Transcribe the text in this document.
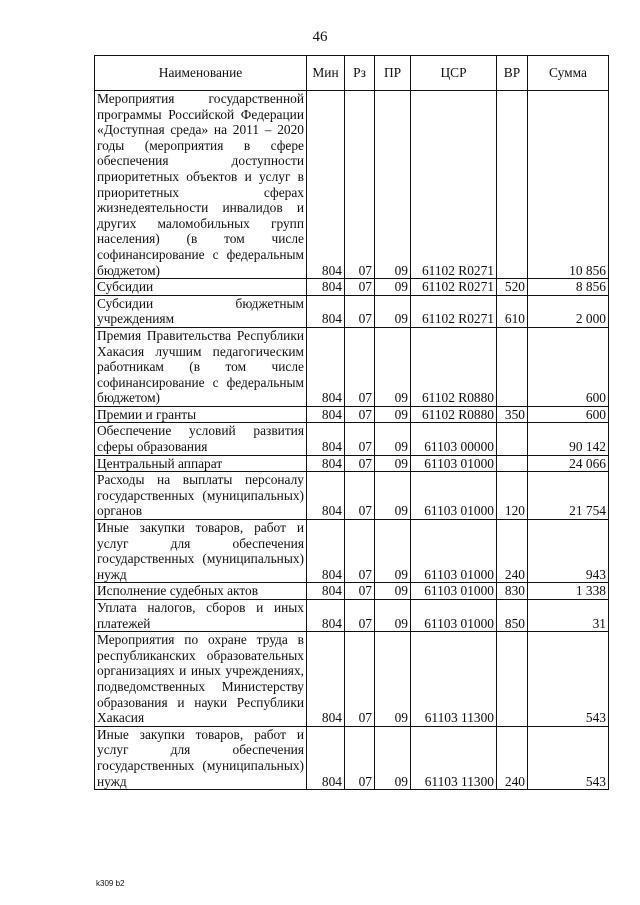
46
Наименование	Мин	Рз	ПР	ЦСР	ВР	Сумма
Мероприятия государственной программы Российской Федерации «Доступная среда» на 2011 – 2020 годы (мероприятия в сфере обеспечения доступности приоритетных объектов и услуг в приоритетных сферах жизнедеятельности инвалидов и других маломобильных групп населения) (в том числе софинансирование с федеральным бюджетом)	804	07	09	61102 R0271		10 856
Субсидии	804	07	09	61102 R0271	520	8 856
Субсидии бюджетным учреждениям	804	07	09	61102 R0271	610	2 000
Премия Правительства Республики Хакасия лучшим педагогическим работникам (в том числе софинансирование с федеральным бюджетом)	804	07	09	61102 R0880		600
Премии и гранты	804	07	09	61102 R0880	350	600
Обеспечение условий развития сферы образования	804	07	09	61103 00000		90 142
Центральный аппарат	804	07	09	61103 01000		24 066
Расходы на выплаты персоналу государственных (муниципальных) органов	804	07	09	61103 01000	120	21 754
Иные закупки товаров, работ и услуг для обеспечения государственных (муниципальных) нужд	804	07	09	61103 01000	240	943
Исполнение судебных актов	804	07	09	61103 01000	830	1 338
Уплата налогов, сборов и иных платежей	804	07	09	61103 01000	850	31
Мероприятия по охране труда в республиканских образовательных организациях и иных учреждениях, подведомственных Министерству образования и науки Республики Хакасия	804	07	09	61103 11300		543
Иные закупки товаров, работ и услуг для обеспечения государственных (муниципальных) нужд	804	07	09	61103 11300	240	543
k309 b2
